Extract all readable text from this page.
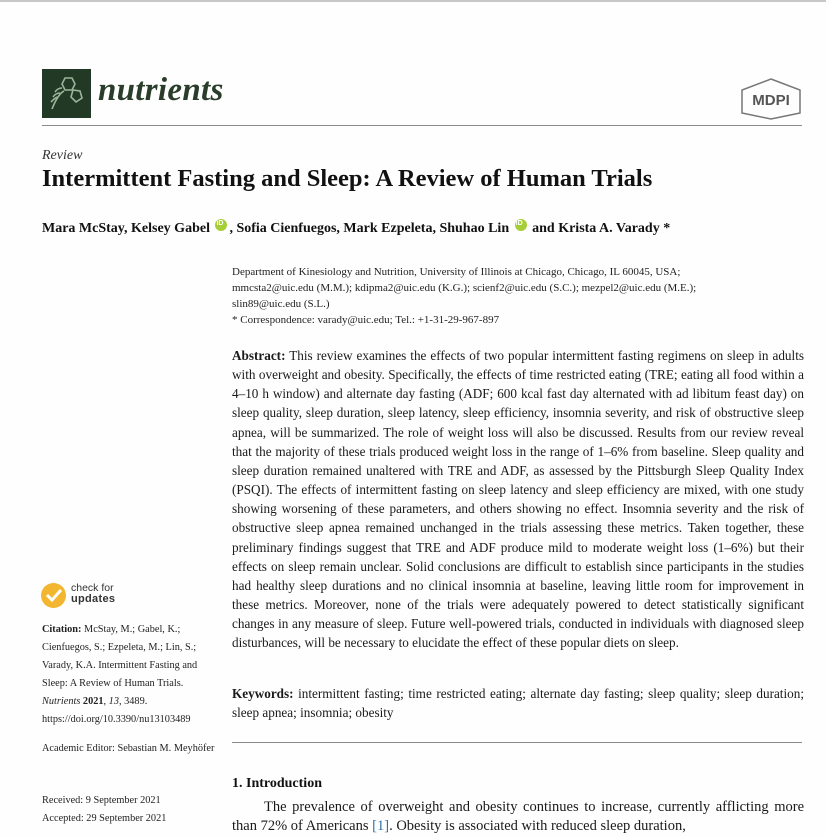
nutrients	MDPI
Review
Intermittent Fasting and Sleep: A Review of Human Trials
Mara McStay, Kelsey Gabel iD , Sofia Cienfuegos, Mark Ezpeleta, Shuhao Lin iD and Krista A. Varady *
Department of Kinesiology and Nutrition, University of Illinois at Chicago, Chicago, IL 60045, USA;
mmcsta2@uic.edu (M.M.); kdipma2@uic.edu (K.G.); scienf2@uic.edu (S.C.); mezpel2@uic.edu (M.E.);
slin89@uic.edu (S.L.)
* Correspondence: varady@uic.edu; Tel.: +1-31-29-967-897
Abstract: This review examines the effects of two popular intermittent fasting regimens on sleep in adults with overweight and obesity. Specifically, the effects of time restricted eating (TRE; eating all food within a 4–10 h window) and alternate day fasting (ADF; 600 kcal fast day alternated with ad libitum feast day) on sleep quality, sleep duration, sleep latency, sleep efficiency, insomnia severity, and risk of obstructive sleep apnea, will be summarized. The role of weight loss will also be discussed. Results from our review reveal that the majority of these trials produced weight loss in the range of 1–6% from baseline. Sleep quality and sleep duration remained unaltered with TRE and ADF, as assessed by the Pittsburgh Sleep Quality Index (PSQI). The effects of intermittent fasting on sleep latency and sleep efficiency are mixed, with one study showing worsening of these parameters, and others showing no effect. Insomnia severity and the risk of obstructive sleep apnea remained unchanged in the trials assessing these metrics. Taken together, these preliminary findings suggest that TRE and ADF produce mild to moderate weight loss (1–6%) but their effects on sleep remain unclear. Solid conclusions are difficult to establish since participants in the studies had healthy sleep durations and no clinical insomnia at baseline, leaving little room for improvement in these metrics. Moreover, none of the trials were adequately powered to detect statistically significant changes in any measure of sleep. Future well-powered trials, conducted in individuals with diagnosed sleep disturbances, will be necessary to elucidate the effect of these popular diets on sleep.
Keywords: intermittent fasting; time restricted eating; alternate day fasting; sleep quality; sleep duration; sleep apnea; insomnia; obesity
1. Introduction
The prevalence of overweight and obesity continues to increase, currently afflicting more than 72% of Americans [1]. Obesity is associated with reduced sleep duration,
check for
updates
Citation: McStay, M.; Gabel, K.; Cienfuegos, S.; Ezpeleta, M.; Lin, S.; Varady, K.A. Intermittent Fasting and Sleep: A Review of Human Trials. Nutrients 2021, 13, 3489. https://doi.org/10.3390/nu13103489
Academic Editor: Sebastian M. Meyhöfer
Received: 9 September 2021
Accepted: 29 September 2021
